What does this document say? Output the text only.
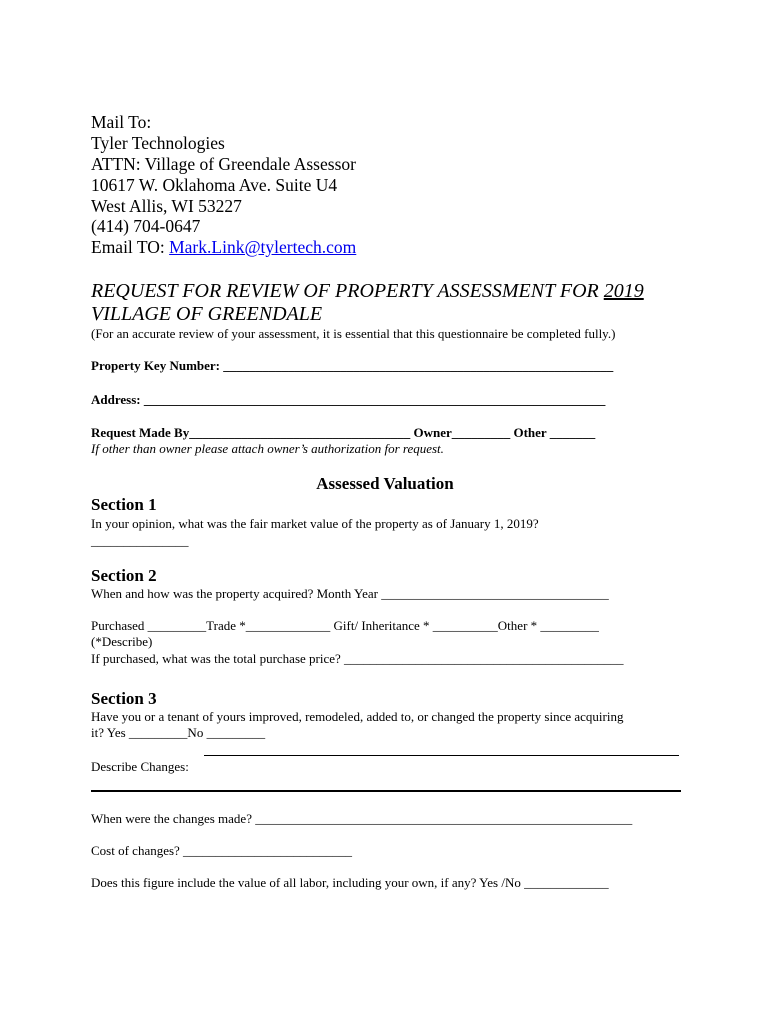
Mail To:
Tyler Technologies
ATTN: Village of Greendale Assessor
10617 W. Oklahoma Ave. Suite U4
West Allis, WI 53227
(414) 704-0647
Email TO: Mark.Link@tylertech.com
REQUEST FOR REVIEW OF PROPERTY ASSESSMENT FOR 2019
VILLAGE OF GREENDALE
(For an accurate review of your assessment, it is essential that this questionnaire be completed fully.)
Property Key Number: ____________________________________________________________
Address: _______________________________________________________________________
Request Made By__________________________________ Owner_________ Other _______
If other than owner please attach owner’s authorization for request.
Assessed Valuation
Section 1
In your opinion, what was the fair market value of the property as of January 1, 2019?
_______________
Section 2
When and how was the property acquired? Month Year ___________________________________
Purchased _________Trade *_____________ Gift/ Inheritance * __________Other * _________
(*Describe)
If purchased, what was the total purchase price? ___________________________________________
Section 3
Have you or a tenant of yours improved, remodeled, added to, or changed the property since acquiring
it? Yes _________No _________
Describe Changes:
When were the changes made? __________________________________________________________
Cost of changes? __________________________
Does this figure include the value of all labor, including your own, if any? Yes /No _____________
